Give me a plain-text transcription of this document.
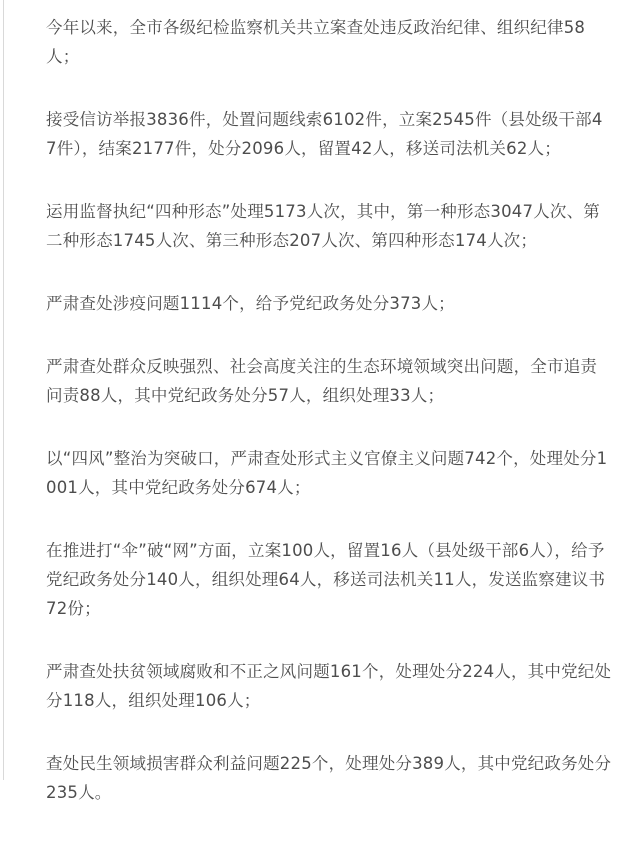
今年以来，全市各级纪检监察机关共立案查处违反政治纪律、组织纪律58人；

接受信访举报3836件，处置问题线索6102件，立案2545件（县处级干部47件），结案2177件，处分2096人，留置42人，移送司法机关62人；

运用监督执纪“四种形态”处理5173人次，其中，第一种形态3047人次、第二种形态1745人次、第三种形态207人次、第四种形态174人次；

严肃查处涉疫问题1114个，给予党纪政务处分373人；

严肃查处群众反映强烈、社会高度关注的生态环境领域突出问题，全市追责问责88人，其中党纪政务处分57人，组织处理33人；

以“四风”整治为突破口，严肃查处形式主义官僚主义问题742个，处理处分1001人，其中党纪政务处分674人；

在推进打“伞”破“网”方面，立案100人，留置16人（县处级干部6人），给予党纪政务处分140人，组织处理64人，移送司法机关11人，发送监察建议书72份；

严肃查处扶贫领域腐败和不正之风问题161个，处理处分224人，其中党纪处分118人，组织处理106人；

查处民生领域损害群众利益问题225个，处理处分389人，其中党纪政务处分235人。
